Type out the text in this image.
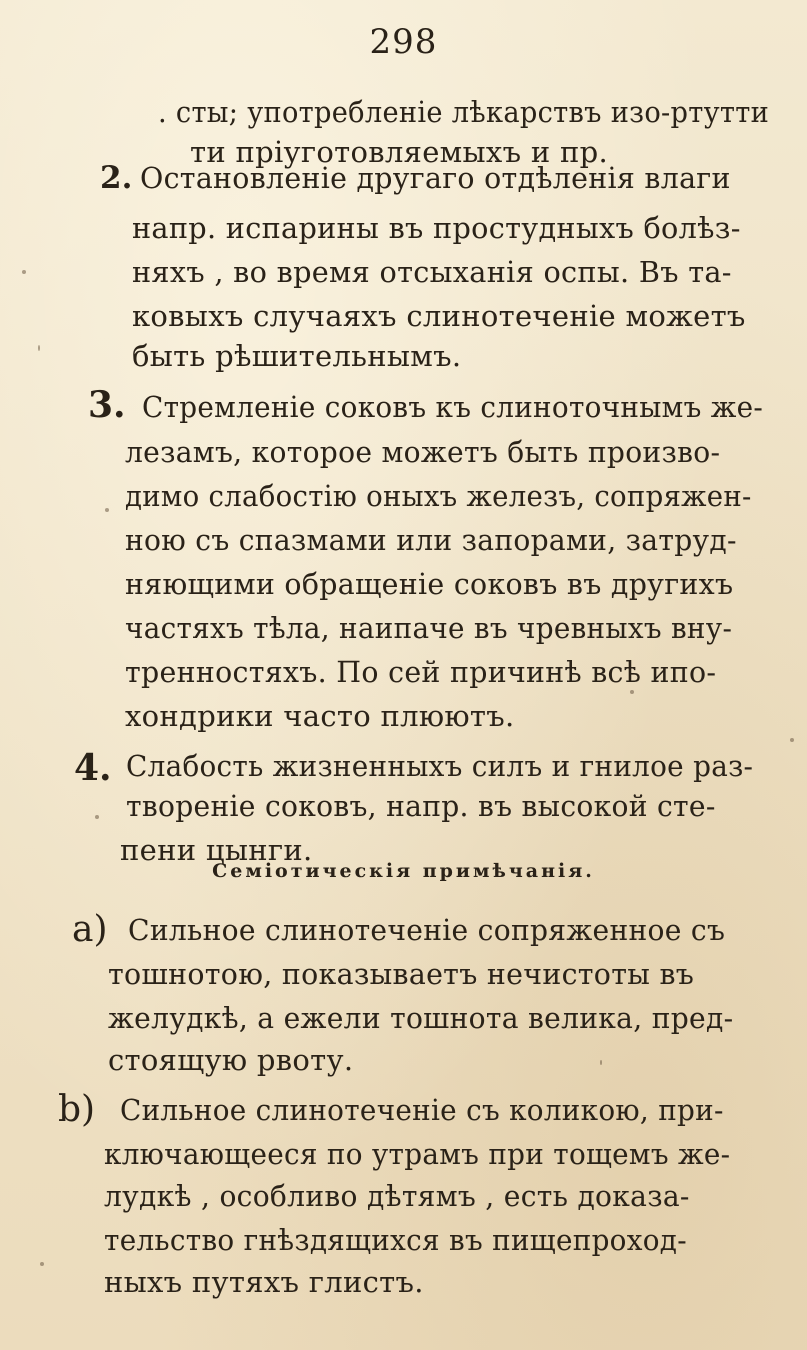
298
. сты; употребленіе лѣкарствъ изо-ртутти
ти пріуготовляемыхъ и пр.
2. Остановленіе другаго отдѣленія влаги
напр. испарины въ простудныхъ болѣз-
няхъ , во время отсыханія оспы. Въ та-
ковыхъ случаяхъ слинотеченіе можетъ
быть рѣшительнымъ.
3. Стремленіе соковъ къ слиноточнымъ же-
лезамъ, которое можетъ быть произво-
димо слабостію оныхъ железъ, сопряжен-
ною съ спазмами или запорами, затруд-
няющими обращеніе соковъ въ другихъ
частяхъ тѣла, наипаче въ чревныхъ вну-
тренностяхъ. По сей причинѣ всѣ ипо-
хондрики часто плюютъ.
4. Слабость жизненныхъ силъ и гнилое раз-
твореніе соковъ, напр. въ высокой сте-
пени цынги.
Семіотическія примѣчанія.
a) Сильное слинотеченіе сопряженное съ
тошнотою, показываетъ нечистоты въ
желудкѣ, а ежели тошнота велика, пред-
стоящую рвоту.
b) Сильное слинотеченіе съ коликою, при-
ключающееся по утрамъ при тощемъ же-
лудкѣ , особливо дѣтямъ , есть доказа-
тельство гнѣздящихся въ пищепроход-
ныхъ путяхъ глистъ.
